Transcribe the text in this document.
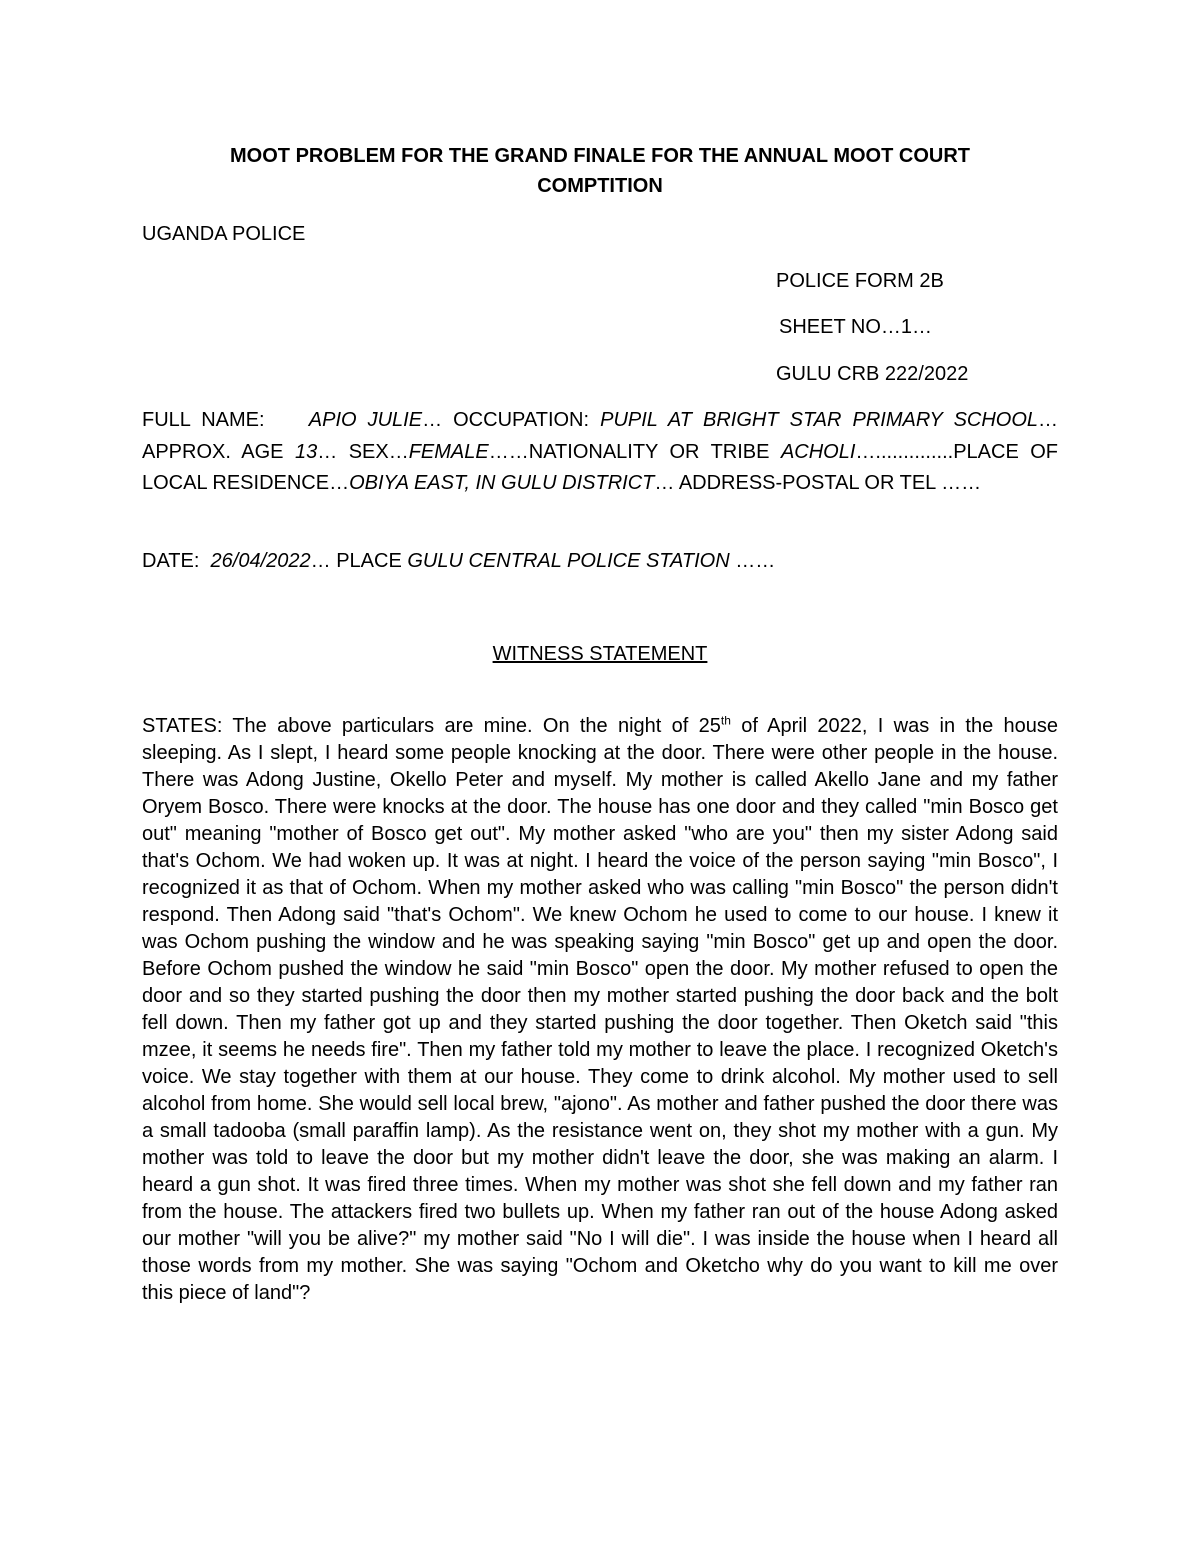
MOOT PROBLEM FOR THE GRAND FINALE FOR THE ANNUAL MOOT COURT
COMPTITION
UGANDA POLICE
POLICE FORM 2B
SHEET NO…1…
GULU CRB 222/2022
FULL NAME: APIO JULIE… OCCUPATION: PUPIL AT BRIGHT STAR PRIMARY SCHOOL…APPROX. AGE 13… SEX…FEMALE……NATIONALITY OR TRIBE ACHOLI…..............PLACE OF LOCAL RESIDENCE…OBIYA EAST, IN GULU DISTRICT… ADDRESS-POSTAL OR TEL ……
DATE: 26/04/2022… PLACE GULU CENTRAL POLICE STATION ……
WITNESS STATEMENT
STATES: The above particulars are mine. On the night of 25th of April 2022, I was in the house sleeping. As I slept, I heard some people knocking at the door. There were other people in the house. There was Adong Justine, Okello Peter and myself. My mother is called Akello Jane and my father Oryem Bosco. There were knocks at the door. The house has one door and they called "min Bosco get out" meaning "mother of Bosco get out". My mother asked "who are you" then my sister Adong said that's Ochom. We had woken up. It was at night. I heard the voice of the person saying "min Bosco", I recognized it as that of Ochom. When my mother asked who was calling "min Bosco" the person didn't respond. Then Adong said "that's Ochom". We knew Ochom he used to come to our house. I knew it was Ochom pushing the window and he was speaking saying "min Bosco" get up and open the door. Before Ochom pushed the window he said "min Bosco" open the door. My mother refused to open the door and so they started pushing the door then my mother started pushing the door back and the bolt fell down. Then my father got up and they started pushing the door together. Then Oketch said "this mzee, it seems he needs fire". Then my father told my mother to leave the place. I recognized Oketch's voice. We stay together with them at our house. They come to drink alcohol. My mother used to sell alcohol from home. She would sell local brew, "ajono". As mother and father pushed the door there was a small tadooba (small paraffin lamp). As the resistance went on, they shot my mother with a gun. My mother was told to leave the door but my mother didn't leave the door, she was making an alarm. I heard a gun shot. It was fired three times. When my mother was shot she fell down and my father ran from the house. The attackers fired two bullets up. When my father ran out of the house Adong asked our mother "will you be alive?" my mother said "No I will die". I was inside the house when I heard all those words from my mother. She was saying "Ochom and Oketcho why do you want to kill me over this piece of land"?
